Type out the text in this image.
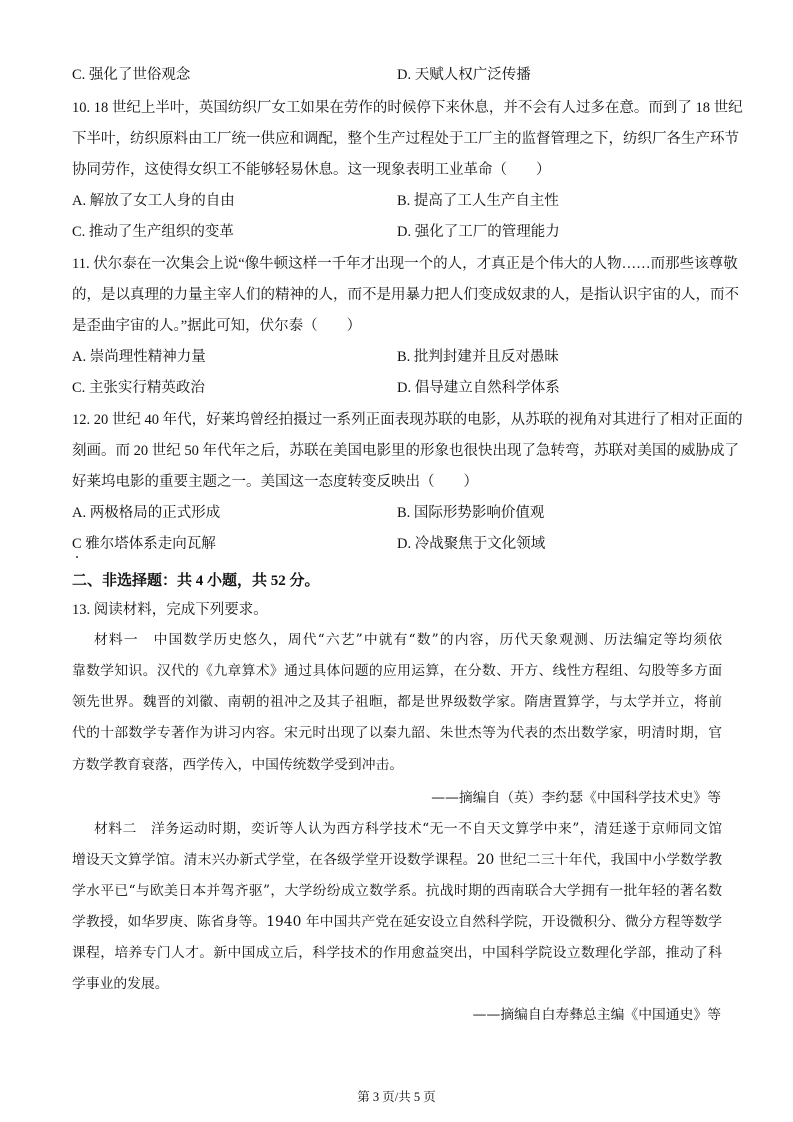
C. 强化了世俗观念	D. 天赋人权广泛传播
10. 18 世纪上半叶，英国纺织厂女工如果在劳作的时候停下来休息，并不会有人过多在意。而到了 18 世纪
下半叶，纺织原料由工厂统一供应和调配，整个生产过程处于工厂主的监督管理之下，纺织厂各生产环节
协同劳作，这使得女织工不能够轻易休息。这一现象表明工业革命（　　）
A. 解放了女工人身的自由	B. 提高了工人生产自主性
C. 推动了生产组织的变革	D. 强化了工厂的管理能力
11. 伏尔泰在一次集会上说“像牛顿这样一千年才出现一个的人，才真正是个伟大的人物……而那些该尊敬
的，是以真理的力量主宰人们的精神的人，而不是用暴力把人们变成奴隶的人，是指认识宇宙的人，而不
是歪曲宇宙的人。”据此可知，伏尔泰（　　）
A. 崇尚理性精神力量	B. 批判封建并且反对愚昧
C. 主张实行精英政治	D. 倡导建立自然科学体系
12. 20 世纪 40 年代，好莱坞曾经拍摄过一系列正面表现苏联的电影，从苏联的视角对其进行了相对正面的
刻画。而 20 世纪 50 年代年之后，苏联在美国电影里的形象也很快出现了急转弯，苏联对美国的威胁成了
好莱坞电影的重要主题之一。美国这一态度转变反映出（　　）
A. 两极格局的正式形成	B. 国际形势影响价值观
C 雅尔塔体系走向瓦解	D. 冷战聚焦于文化领域
二、非选择题：共 4 小题，共 52 分。
13. 阅读材料，完成下列要求。
材料一　中国数学历史悠久，周代“六艺”中就有“数”的内容，历代天象观测、历法编定等均须依
靠数学知识。汉代的《九章算术》通过具体问题的应用运算，在分数、开方、线性方程组、勾股等多方面
领先世界。魏晋的刘徽、南朝的祖冲之及其子祖暅，都是世界级数学家。隋唐置算学，与太学并立，将前
代的十部数学专著作为讲习内容。宋元时出现了以秦九韶、朱世杰等为代表的杰出数学家，明清时期，官
方数学教育衰落，西学传入，中国传统数学受到冲击。
——摘编自（英）李约瑟《中国科学技术史》等
材料二　洋务运动时期，奕䜣等人认为西方科学技术“无一不自天文算学中来”，清廷遂于京师同文馆
增设天文算学馆。清末兴办新式学堂，在各级学堂开设数学课程。20 世纪二三十年代，我国中小学数学教
学水平已“与欧美日本并驾齐驱”，大学纷纷成立数学系。抗战时期的西南联合大学拥有一批年轻的著名数
学教授，如华罗庚、陈省身等。1940 年中国共产党在延安设立自然科学院，开设微积分、微分方程等数学
课程，培养专门人才。新中国成立后，科学技术的作用愈益突出，中国科学院设立数理化学部，推动了科
学事业的发展。
——摘编自白寿彝总主编《中国通史》等
第 3 页/共 5 页
